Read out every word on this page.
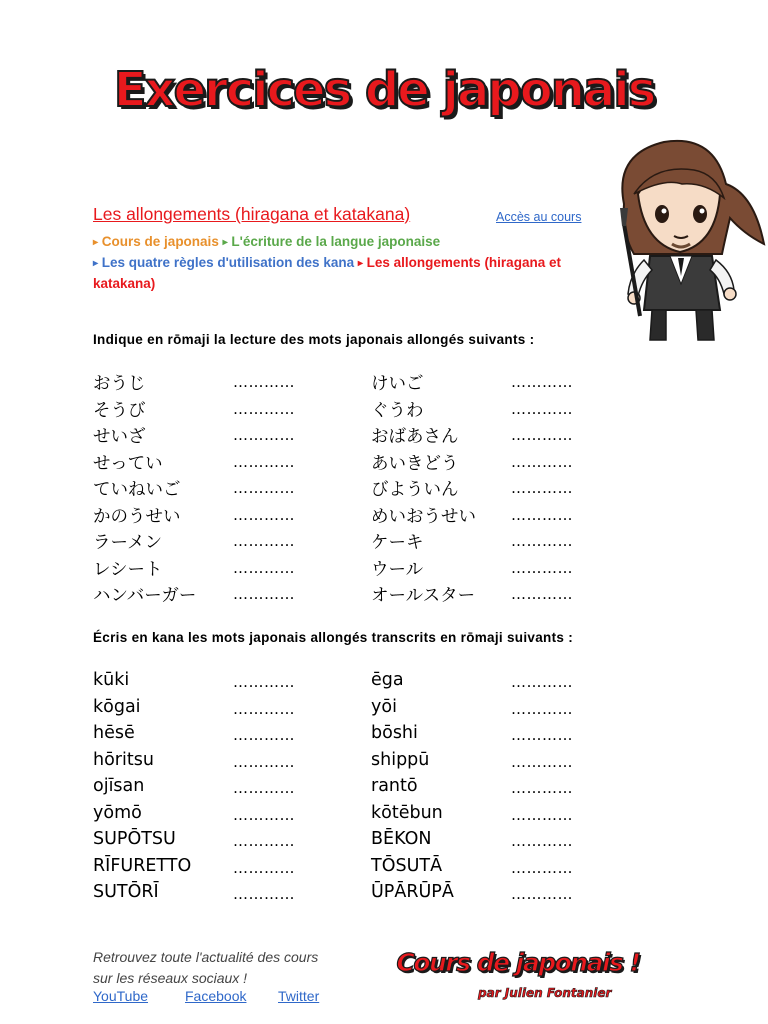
Exercices de japonais
Les allongements (hiragana et katakana)	Accès au cours
▸ Cours de japonais ▸ L'écriture de la langue japonaise
▸ Les quatre règles d'utilisation des kana ▸ Les allongements (hiragana et katakana)
Indique en rōmaji la lecture des mots japonais allongés suivants :
おうじ	…………	けいご	…………
そうび	…………	ぐうわ	…………
せいざ	…………	おばあさん	…………
せってい	…………	あいきどう	…………
ていねいご	…………	びよういん	…………
かのうせい	…………	めいおうせい …………
ラーメン	…………	ケーキ	…………
レシート	…………	ウール	…………
ハンバーガー …………	オールスター …………
Écris en kana les mots japonais allongés transcrits en rōmaji suivants :
kūki	…………	ēga	…………
kōgai	…………	yōi	…………
hēsē	…………	bōshi	…………
hōritsu	…………	shippū	…………
ojīsan	…………	rantō	…………
yōmō	…………	kōtēbun	…………
SUPŌTSU	…………	BĒKON	…………
RĪFURETTO	…………	TŌSUTĀ	…………
SUTŌRĪ	…………	ŪPĀRŪPĀ	…………
Retrouvez toute l'actualité des cours
sur les réseaux sociaux !
YouTube	Facebook Twitter
Cours de japonais !
par Julien Fontanier
